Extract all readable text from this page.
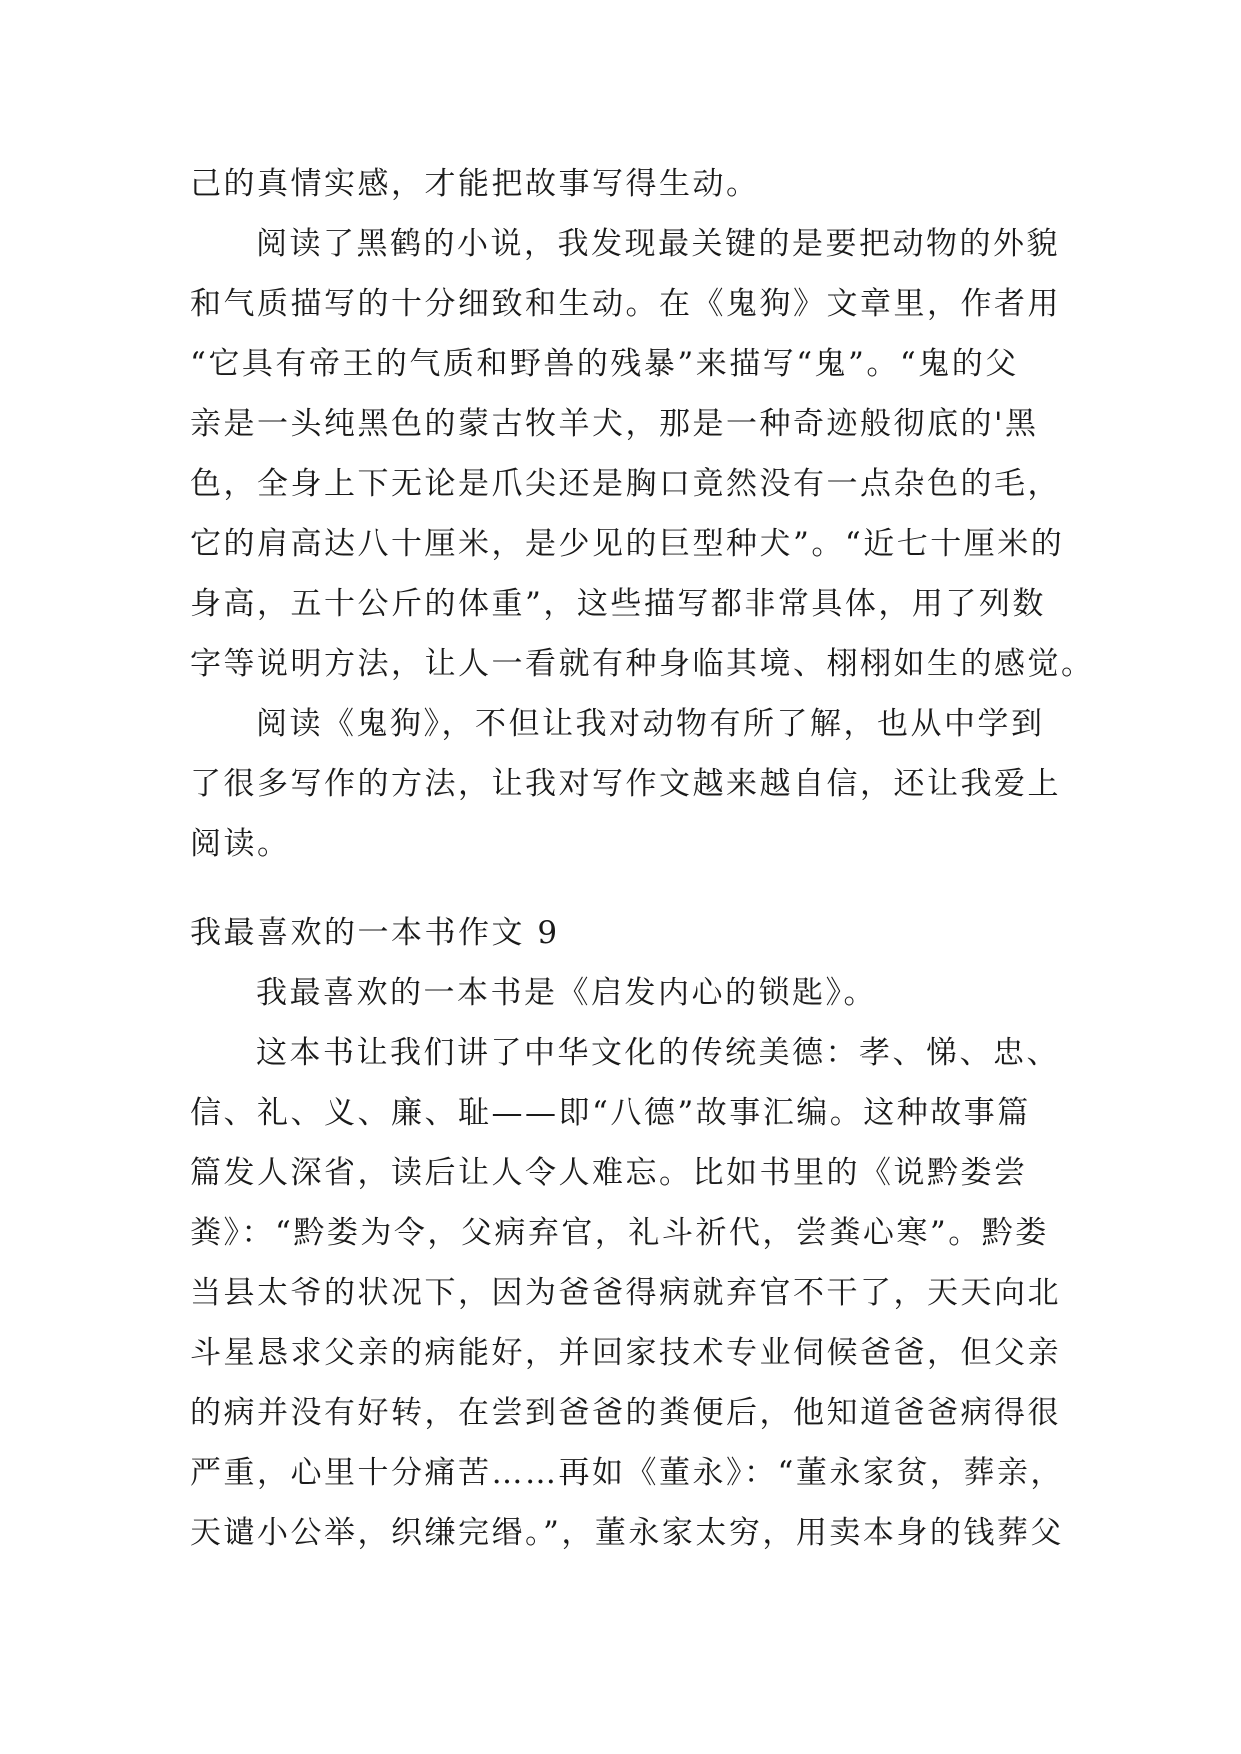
己的真情实感，才能把故事写得生动。
阅读了黑鹤的小说，我发现最关键的是要把动物的外貌
和气质描写的十分细致和生动。在《鬼狗》文章里，作者用
“它具有帝王的气质和野兽的残暴”来描写“鬼”。“鬼的父
亲是一头纯黑色的蒙古牧羊犬，那是一种奇迹般彻底的'黑
色，全身上下无论是爪尖还是胸口竟然没有一点杂色的毛，
它的肩高达八十厘米，是少见的巨型种犬”。“近七十厘米的
身高，五十公斤的体重”，这些描写都非常具体，用了列数
字等说明方法，让人一看就有种身临其境、栩栩如生的感觉。
阅读《鬼狗》，不但让我对动物有所了解，也从中学到
了很多写作的方法，让我对写作文越来越自信，还让我爱上
阅读。
我最喜欢的一本书作文 9
我最喜欢的一本书是《启发内心的锁匙》。
这本书让我们讲了中华文化的传统美德：孝、悌、忠、
信、礼、义、廉、耻——即“八德”故事汇编。这种故事篇
篇发人深省，读后让人令人难忘。比如书里的《说黔娄尝
粪》：“黔娄为令，父病弃官，礼斗祈代，尝粪心寒”。黔娄
当县太爷的状况下，因为爸爸得病就弃官不干了，天天向北
斗星恳求父亲的病能好，并回家技术专业伺候爸爸，但父亲
的病并没有好转，在尝到爸爸的粪便后，他知道爸爸病得很
严重，心里十分痛苦……再如《董永》：“董永家贫，葬亲，
天谴小公举，织缣完缗。”，董永家太穷，用卖本身的钱葬父
